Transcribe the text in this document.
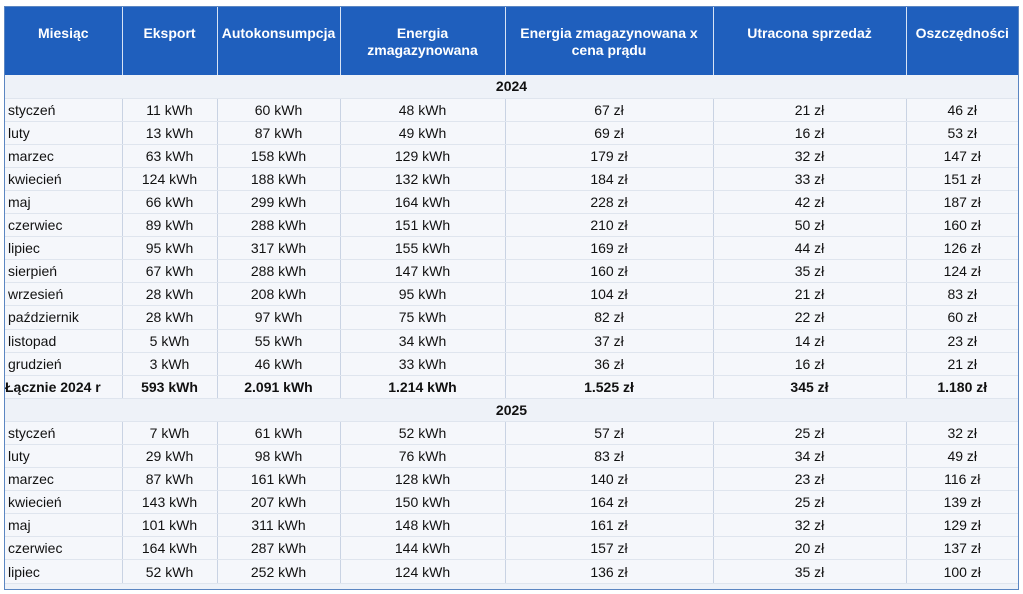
Miesiąc	Eksport	Autokonsumpcja	Energia zmagazynowana	Energia zmagazynowana x cena prądu	Utracona sprzedaż	Oszczędności
2024						
styczeń	11 kWh	60 kWh	48 kWh	67 zł	21 zł	46 zł
luty	13 kWh	87 kWh	49 kWh	69 zł	16 zł	53 zł
marzec	63 kWh	158 kWh	129 kWh	179 zł	32 zł	147 zł
kwiecień	124 kWh	188 kWh	132 kWh	184 zł	33 zł	151 zł
maj	66 kWh	299 kWh	164 kWh	228 zł	42 zł	187 zł
czerwiec	89 kWh	288 kWh	151 kWh	210 zł	50 zł	160 zł
lipiec	95 kWh	317 kWh	155 kWh	169 zł	44 zł	126 zł
sierpień	67 kWh	288 kWh	147 kWh	160 zł	35 zł	124 zł
wrzesień	28 kWh	208 kWh	95 kWh	104 zł	21 zł	83 zł
październik	28 kWh	97 kWh	75 kWh	82 zł	22 zł	60 zł
listopad	5 kWh	55 kWh	34 kWh	37 zł	14 zł	23 zł
grudzień	3 kWh	46 kWh	33 kWh	36 zł	16 zł	21 zł
Łącznie 2024 r	593 kWh	2.091 kWh	1.214 kWh	1.525 zł	345 zł	1.180 zł
2025						
styczeń	7 kWh	61 kWh	52 kWh	57 zł	25 zł	32 zł
luty	29 kWh	98 kWh	76 kWh	83 zł	34 zł	49 zł
marzec	87 kWh	161 kWh	128 kWh	140 zł	23 zł	116 zł
kwiecień	143 kWh	207 kWh	150 kWh	164 zł	25 zł	139 zł
maj	101 kWh	311 kWh	148 kWh	161 zł	32 zł	129 zł
czerwiec	164 kWh	287 kWh	144 kWh	157 zł	20 zł	137 zł
lipiec	52 kWh	252 kWh	124 kWh	136 zł	35 zł	100 zł
